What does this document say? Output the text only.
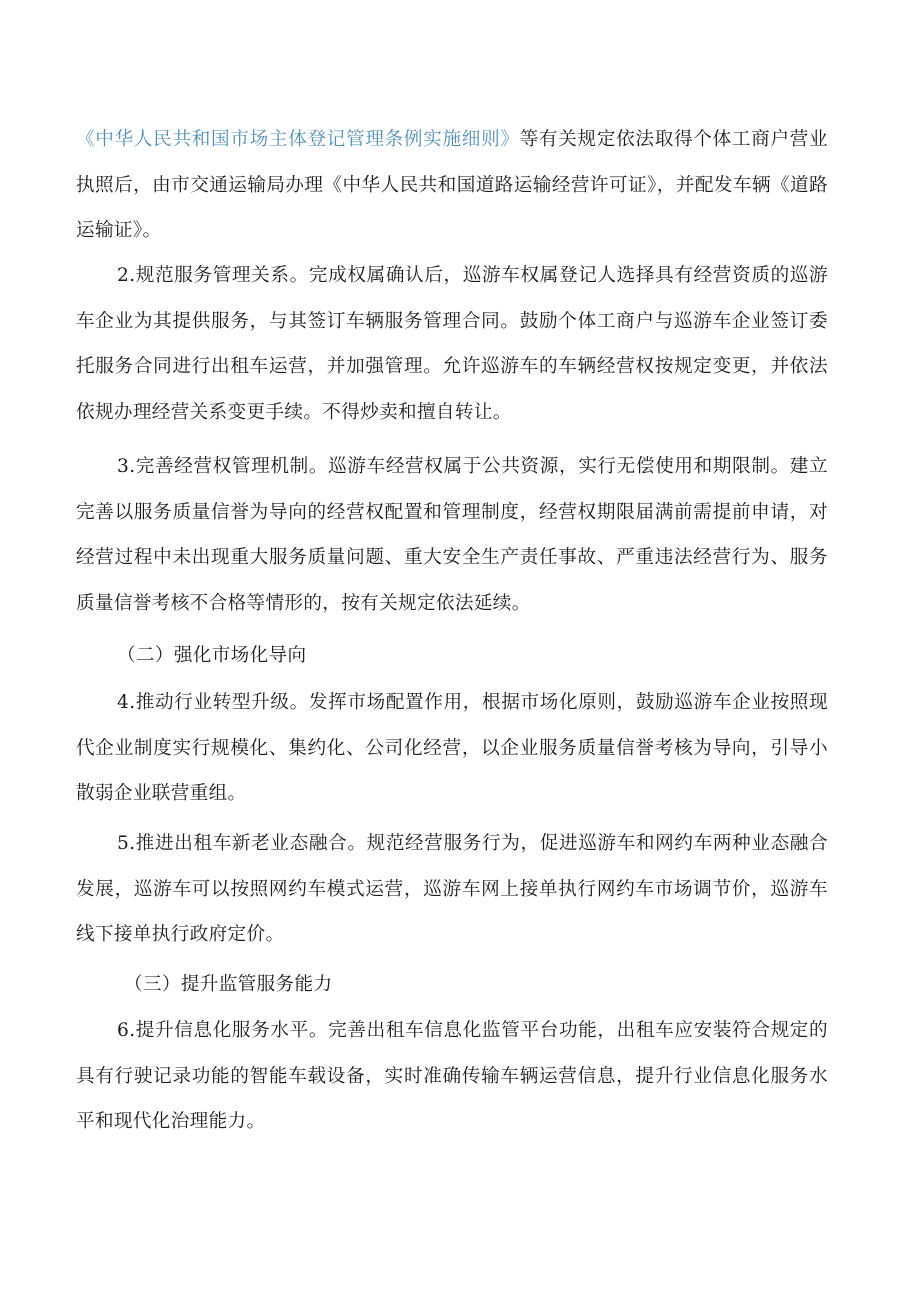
《中华人民共和国市场主体登记管理条例实施细则》等有关规定依法取得个体工商户营业执照后，由市交通运输局办理《中华人民共和国道路运输经营许可证》，并配发车辆《道路运输证》。

2.规范服务管理关系。完成权属确认后，巡游车权属登记人选择具有经营资质的巡游车企业为其提供服务，与其签订车辆服务管理合同。鼓励个体工商户与巡游车企业签订委托服务合同进行出租车运营，并加强管理。允许巡游车的车辆经营权按规定变更，并依法依规办理经营关系变更手续。不得炒卖和擅自转让。

3.完善经营权管理机制。巡游车经营权属于公共资源，实行无偿使用和期限制。建立完善以服务质量信誉为导向的经营权配置和管理制度，经营权期限届满前需提前申请，对经营过程中未出现重大服务质量问题、重大安全生产责任事故、严重违法经营行为、服务质量信誉考核不合格等情形的，按有关规定依法延续。

（二）强化市场化导向

4.推动行业转型升级。发挥市场配置作用，根据市场化原则，鼓励巡游车企业按照现代企业制度实行规模化、集约化、公司化经营，以企业服务质量信誉考核为导向，引导小散弱企业联营重组。

5.推进出租车新老业态融合。规范经营服务行为，促进巡游车和网约车两种业态融合发展，巡游车可以按照网约车模式运营，巡游车网上接单执行网约车市场调节价，巡游车线下接单执行政府定价。

（三）提升监管服务能力

6.提升信息化服务水平。完善出租车信息化监管平台功能，出租车应安装符合规定的具有行驶记录功能的智能车载设备，实时准确传输车辆运营信息，提升行业信息化服务水平和现代化治理能力。
